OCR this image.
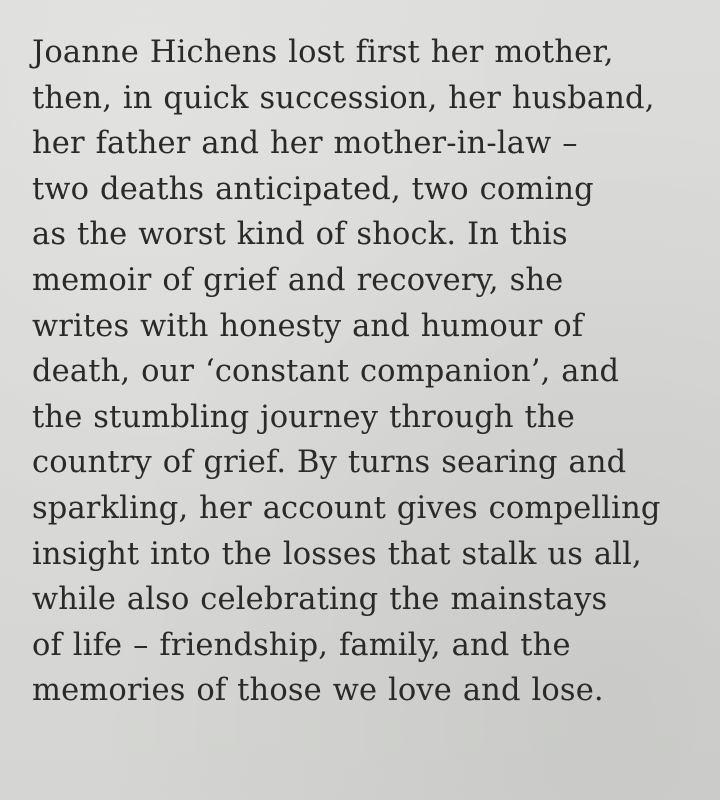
Joanne Hichens lost first her mother,
then, in quick succession, her husband,
her father and her mother-in-law –
two deaths anticipated, two coming
as the worst kind of shock. In this
memoir of grief and recovery, she
writes with honesty and humour of
death, our ‘constant companion’, and
the stumbling journey through the
country of grief. By turns searing and
sparkling, her account gives compelling
insight into the losses that stalk us all,
while also celebrating the mainstays
of life – friendship, family, and the
memories of those we love and lose.
